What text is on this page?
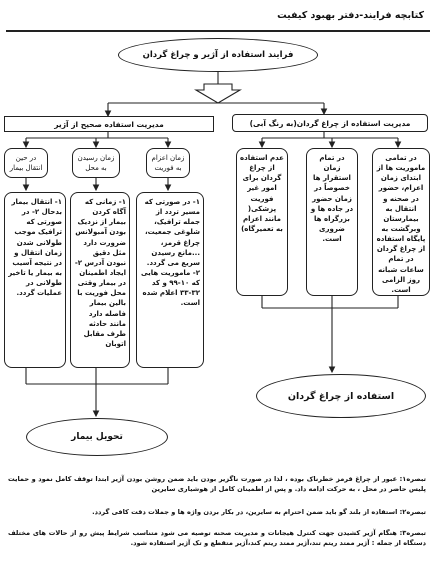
کتابچه فرایند-دفتر بهبود کیفیت
فرایند استفاده از آژیر و چراغ گردان
مدیریت استفاده صحیح از آژیر	مدیریت استفاده از چراغ گردان(به رنگ آبی)
در حین انتقال بیمار
زمان رسیدن به محل
زمان اعزام به فوریت
۱- انتقال بیمار بدحال ۲- در صورتی که ترافیک موجب طولانی شدن زمان انتقال و در نتیجه آسیب به بیمار یا تاخیر طولانی در عملیات گردد.
۱- زمانی که آگاه کردن بیمار از نزدیک بودن آمبولانس ضرورت دارد مثل دقیق نبودن آدرس ۲- ایجاد اطمینان در بیمار وقتی محل فوریت با بالین بیمار فاصله دارد مانند حادثه طرف مقابل اتوبان
۱- در صورتی که مسیر تردد از جمله ترافیک، شلوغی جمعیت، چراغ قرمز، ...مانع رسیدن سریع می گردد. ۲- ماموریت هایی که ۱۰-۹۹ و کد ۳۲-۳۳ اعلام شده است.
عدم استفاده از چراغ گردان برای امور غیر فوریت پزشکی( مانند اعزام به تعمیرگاه)
در تمام زمان استقرار ها خصوصاً در زمان حضور در جاده ها و بزرگراه ها ضروری است.
در تمامی ماموریت ها از ابتدای زمان اعزام، حضور در صحنه و انتقال به بیمارستان وبرگشت به پایگاه استفاده از چراغ گردان در تمام ساعات شبانه روز الزامی است.
تحویل بیمار
استفاده از چراغ گردان
تبصره۱: عبور از چراغ قرمز خطرناک بوده ، لذا در صورت ناگزیر بودن باید ضمن روشن بودن آژیر ابتدا توقف کامل نمود و حمایت پلیس حاضر در محل ، به حرکت ادامه داد. و پس از اطمینان کامل از هوشیاری سایرین
تبصره۲: استفاده از بلند گو باید ضمن احترام به سایرین، در بکار بردن واژه ها و جملات دقت کافی گردد.
تبصره۳: هنگام آژیر کشیدن جهت کنترل هیجانات و مدیریت صحنه توصیه می شود متناسب شرایط پیش رو از حالات های مختلف دستگاه از جمله : آژیر ممتد ریتم تند،آژیر ممتد ریتم کند،آژیر متقطع و تک آژیر استفاده شود.
